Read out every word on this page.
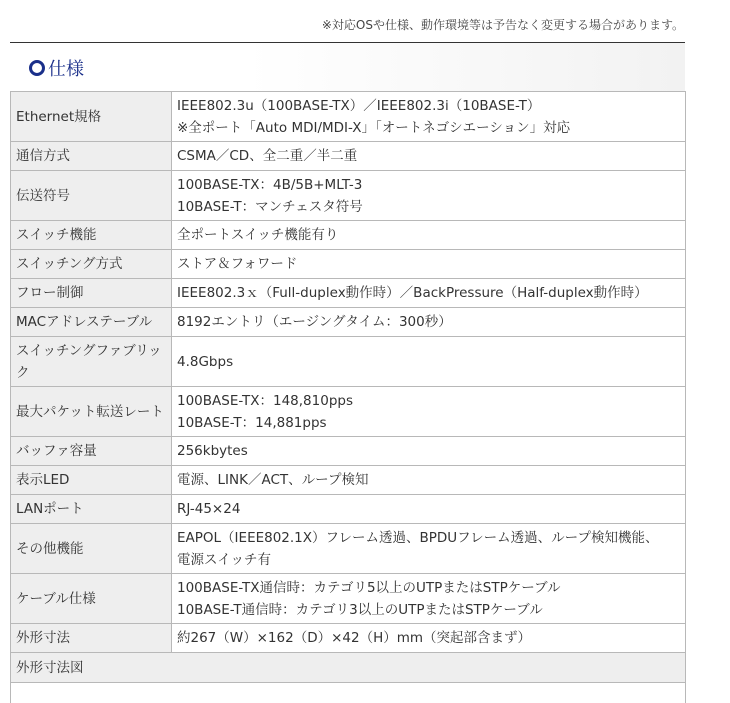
※対応OSや仕様、動作環境等は予告なく変更する場合があります。
仕様
Ethernet規格	IEEE802.3u（100BASE-TX）／IEEE802.3i（10BASE-T）
※全ポート「Auto MDI/MDI-X」「オートネゴシエーション」対応

通信方式	CSMA／CD、全二重／半二重

伝送符号	100BASE-TX：4B/5B+MLT-3
10BASE-T：マンチェスタ符号

スイッチ機能	全ポートスイッチ機能有り

スイッチング方式	ストア＆フォワード

フロー制御	IEEE802.3ｘ（Full-duplex動作時）／BackPressure（Half-duplex動作時）

MACアドレステーブル	8192エントリ（エージングタイム：300秒）

スイッチングファブリック	4.8Gbps

最大パケット転送レート	100BASE-TX：148,810pps
10BASE-T：14,881pps

バッファ容量	256kbytes

表示LED	電源、LINK／ACT、ループ検知

LANポート	RJ-45×24

その他機能	EAPOL（IEEE802.1X）フレーム透過、BPDUフレーム透過、ループ検知機能、
電源スイッチ有

ケーブル仕様	100BASE-TX通信時：カテゴリ5以上のUTPまたはSTPケーブル
10BASE-T通信時：カテゴリ3以上のUTPまたはSTPケーブル

外形寸法	約267（W）×162（D）×42（H）mm（突起部含まず）

外形寸法図	
